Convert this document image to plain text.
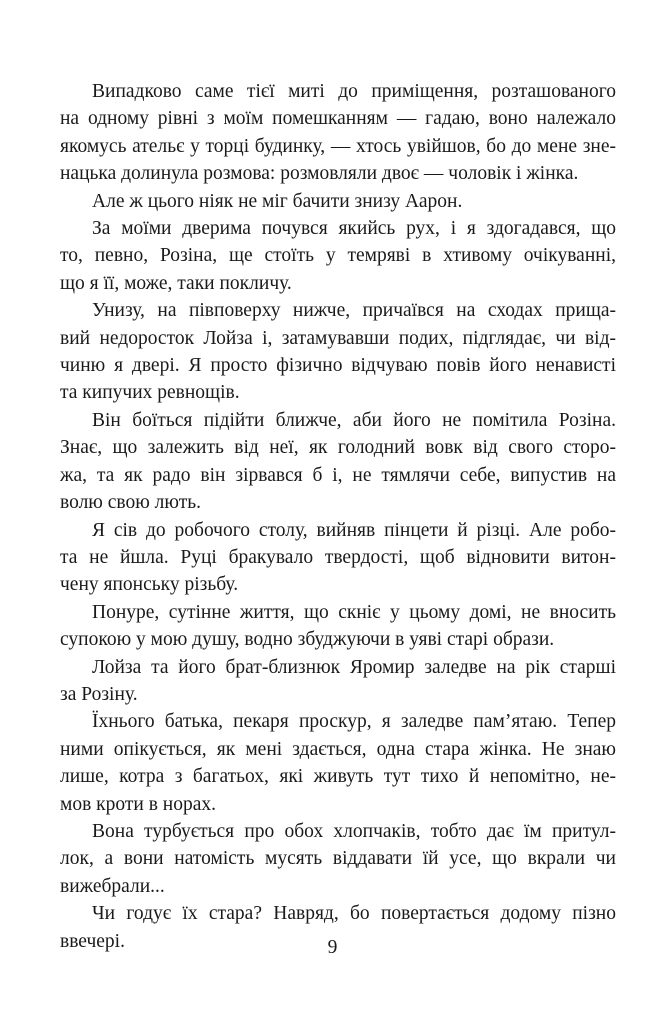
Випадково саме тієї миті до приміщення, розташованого
на одному рівні з моїм помешканням — гадаю, воно належало
якомусь ательє у торці будинку, — хтось увійшов, бо до мене зне-
нацька долинула розмова: розмовляли двоє — чоловік і жінка.
Але ж цього ніяк не міг бачити знизу Аарон.
За моїми дверима почувся якийсь рух, і я здогадався, що
то, певно, Розіна, ще стоїть у темряві в хтивому очікуванні,
що я її, може, таки покличу.
Унизу, на півповерху нижче, причаївся на сходах прища-
вий недоросток Лойза і, затамувавши подих, підглядає, чи від-
чиню я двері. Я просто фізично відчуваю повів його ненависті
та кипучих ревнощів.
Він боїться підійти ближче, аби його не помітила Розіна.
Знає, що залежить від неї, як голодний вовк від свого сторо-
жа, та як радо він зірвався б і, не тямлячи себе, випустив на
волю свою лють.
Я сів до робочого столу, вийняв пінцети й різці. Але робо-
та не йшла. Руці бракувало твердості, щоб відновити витон-
чену японську різьбу.
Понуре, сутінне життя, що скніє у цьому домі, не вносить
супокою у мою душу, водно збуджуючи в уяві старі образи.
Лойза та його брат-близнюк Яромир заледве на рік старші
за Розіну.
Їхнього батька, пекаря проскур, я заледве пам’ятаю. Тепер
ними опікується, як мені здається, одна стара жінка. Не знаю
лише, котра з багатьох, які живуть тут тихо й непомітно, не-
мов кроти в норах.
Вона турбується про обох хлопчаків, тобто дає їм притул-
лок, а вони натомість мусять віддавати їй усе, що вкрали чи
вижебрали...
Чи годує їх стара? Навряд, бо повертається додому пізно
ввечері.	9
